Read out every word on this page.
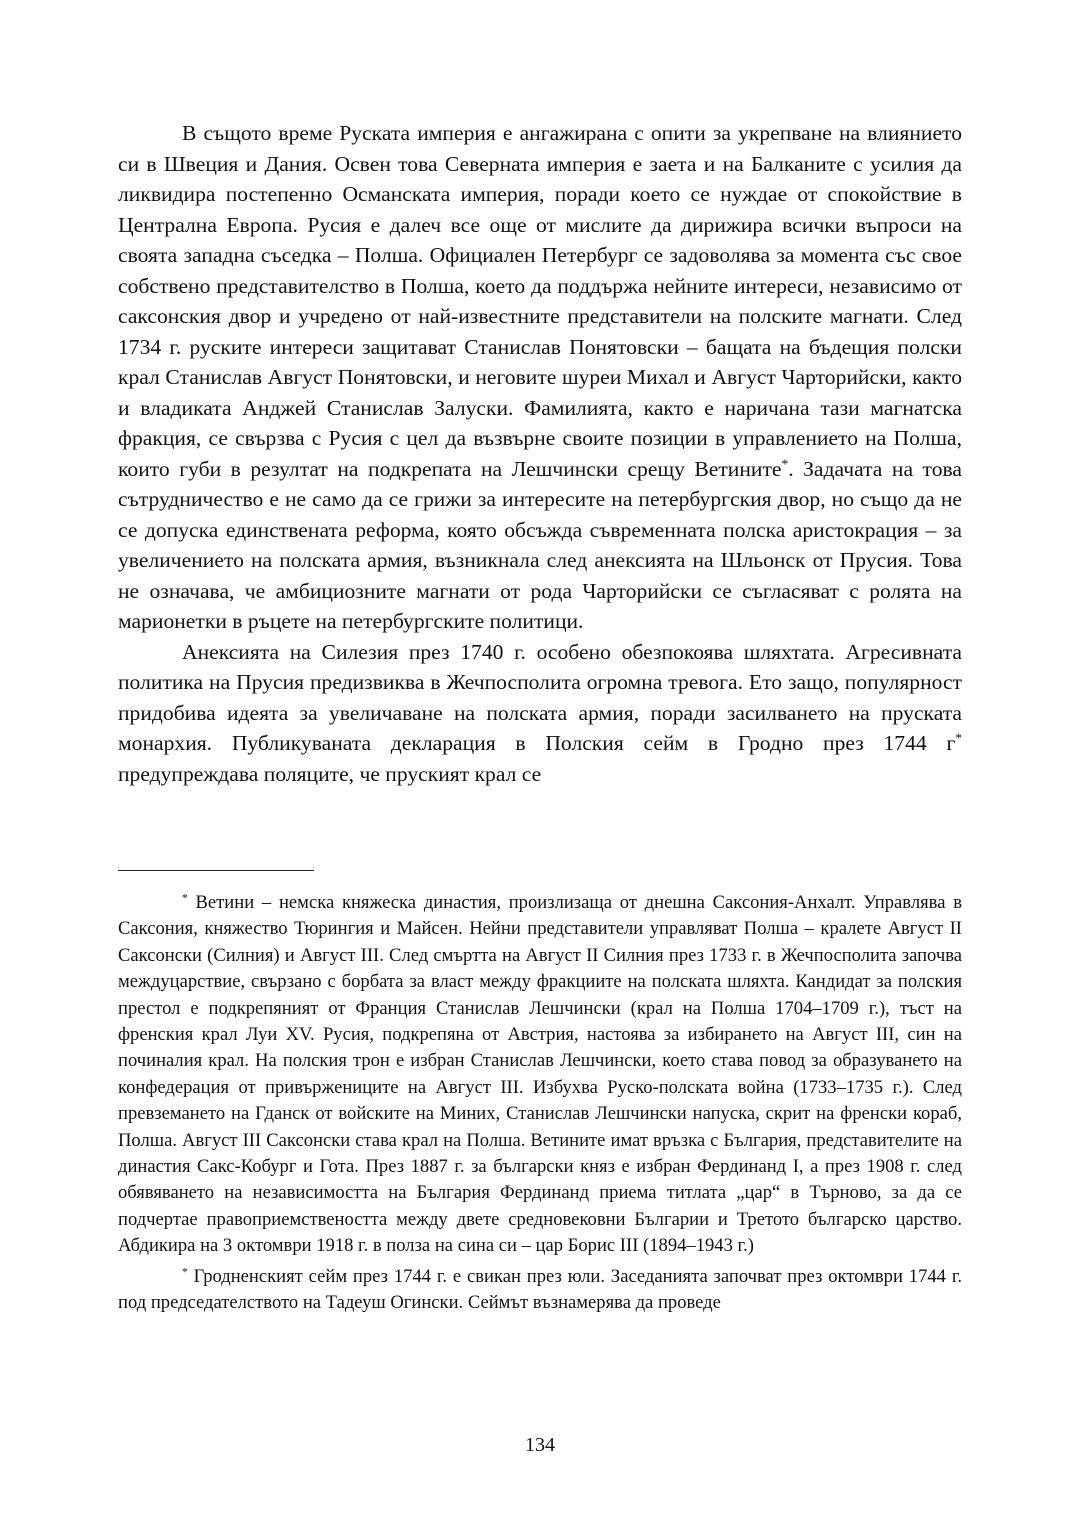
В същото време Руската империя е ангажирана с опити за укрепване на влиянието си в Швеция и Дания. Освен това Северната империя е заета и на Балканите с усилия да ликвидира постепенно Османската империя, поради което се нуждае от спокойствие в Централна Европа. Русия е далеч все още от мислите да дирижира всички въпроси на своята западна съседка – Полша. Официален Петербург се задоволява за момента със свое собствено представителство в Полша, което да поддържа нейните интереси, независимо от саксонския двор и учредено от най-известните представители на полските магнати. След 1734 г. руските интереси защитават Станислав Понятовски – бащата на бъдещия полски крал Станислав Август Понятовски, и неговите шуреи Михал и Август Чарторийски, както и владиката Анджей Станислав Залуски. Фамилията, както е наричана тази магнатска фракция, се свързва с Русия с цел да възвърне своите позиции в управлението на Полша, които губи в резултат на подкрепата на Лешчински срещу Ветините*. Задачата на това сътрудничество е не само да се грижи за интересите на петербургския двор, но също да не се допуска единствената реформа, която обсъжда съвременната полска аристокрация – за увеличението на полската армия, възникнала след анексията на Шльонск от Прусия. Това не означава, че амбициозните магнати от рода Чарторийски се съгласяват с ролята на марионетки в ръцете на петербургските политици.

Анексията на Силезия през 1740 г. особено обезпокоява шляхтата. Агресивната политика на Прусия предизвиква в Жечпосполита огромна тревога. Ето защо, популярност придобива идеята за увеличаване на полската армия, поради засилването на пруската монархия. Публикуваната декларация в Полския сейм в Гродно през 1744 г* предупреждава поляците, че пруският крал се

* Ветини – немска княжеска династия, произлизаща от днешна Саксония-Анхалт. Управлява в Саксония, княжество Тюрингия и Майсен. Нейни представители управляват Полша – кралете Август II Саксонски (Силния) и Август III. След смъртта на Август II Силния през 1733 г. в Жечпосполита започва междуцарствие, свързано с борбата за власт между фракциите на полската шляхта. Кандидат за полския престол е подкрепяният от Франция Станислав Лешчински (крал на Полша 1704–1709 г.), тъст на френския крал Луи XV. Русия, подкрепяна от Австрия, настоява за избирането на Август III, син на починалия крал. На полския трон е избран Станислав Лешчински, което става повод за образуването на конфедерация от привържениците на Август III. Избухва Руско-полската война (1733–1735 г.). След превземането на Гданск от войските на Миних, Станислав Лешчински напуска, скрит на френски кораб, Полша. Август III Саксонски става крал на Полша. Ветините имат връзка с България, представителите на династия Сакс-Кобург и Гота. През 1887 г. за български княз е избран Фердинанд I, а през 1908 г. след обявяването на независимостта на България Фердинанд приема титлата „цар“ в Търново, за да се подчертае правоприемствеността между двете средновековни Българии и Третото българско царство. Абдикира на 3 октомври 1918 г. в полза на сина си – цар Борис III (1894–1943 г.)

* Гродненският сейм през 1744 г. е свикан през юли. Заседанията започват през октомври 1744 г. под председателството на Тадеуш Огински. Сеймът възнамерява да проведе

134
